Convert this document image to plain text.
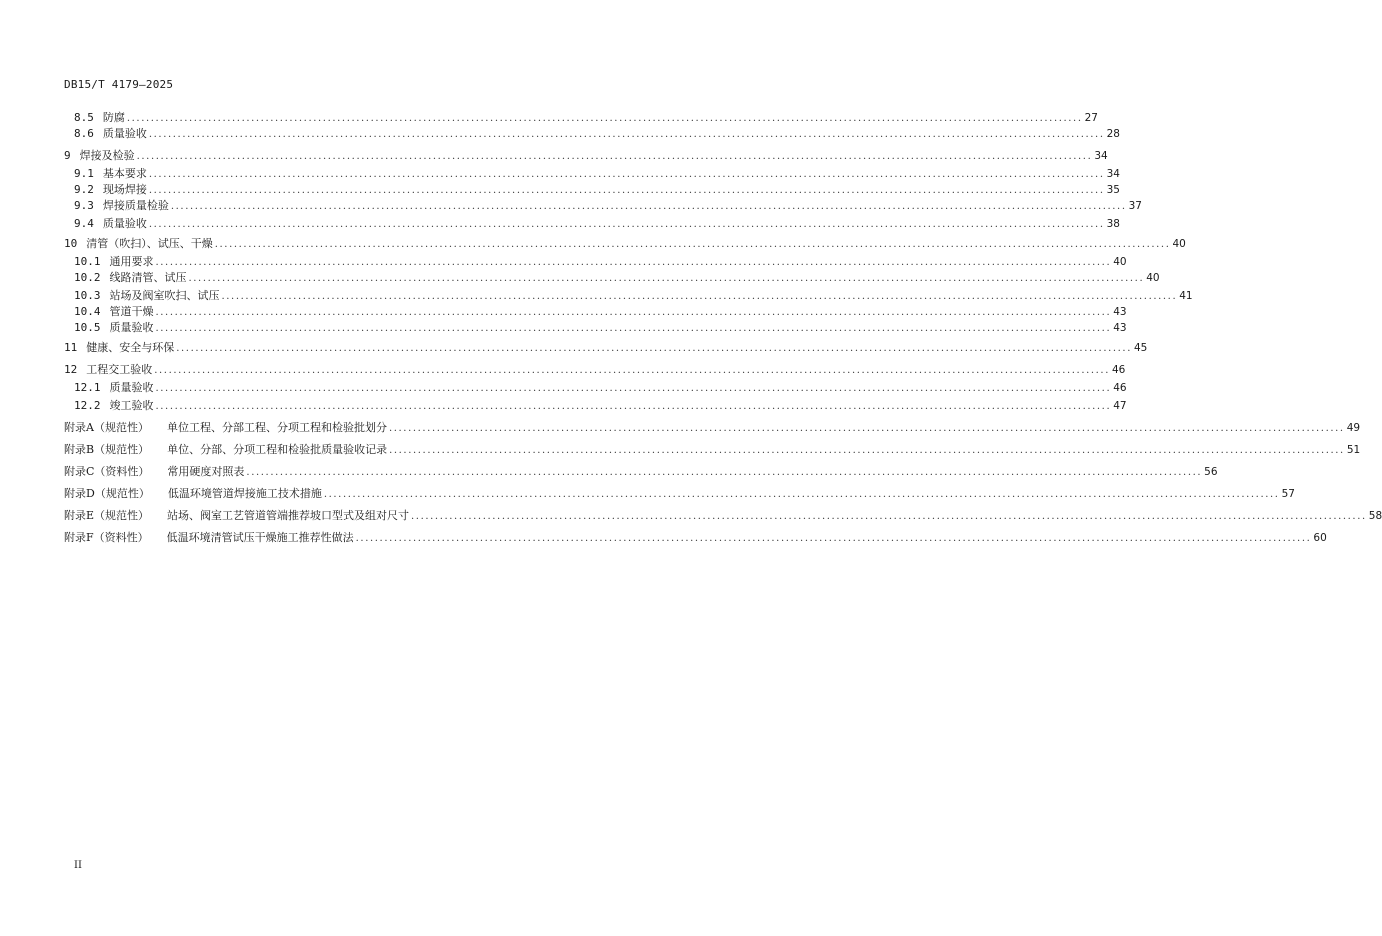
DB15/T 4179—2025
8.5 防腐 ........................................................................................................................................................................................................ 27
8.6 质量验收 ........................................................................................................................................................................................................ 28
9 焊接及检验 ........................................................................................................................................................................................................ 34
9.1 基本要求 ........................................................................................................................................................................................................ 34
9.2 现场焊接 ........................................................................................................................................................................................................ 35
9.3 焊接质量检验 ........................................................................................................................................................................................................ 37
9.4 质量验收 ........................................................................................................................................................................................................ 38
10 清管（吹扫）、试压、干燥 ........................................................................................................................................................................................................ 40
10.1 通用要求 ........................................................................................................................................................................................................ 40
10.2 线路清管、试压 ........................................................................................................................................................................................................ 40
10.3 站场及阀室吹扫、试压 ........................................................................................................................................................................................................ 41
10.4 管道干燥 ........................................................................................................................................................................................................ 43
10.5 质量验收 ........................................................................................................................................................................................................ 43
11 健康、安全与环保 ........................................................................................................................................................................................................ 45
12 工程交工验收 ........................................................................................................................................................................................................ 46
12.1 质量验收 ........................................................................................................................................................................................................ 46
12.2 竣工验收 ........................................................................................................................................................................................................ 47
附录A（规范性） 单位工程、分部工程、分项工程和检验批划分 ........................................................................................................................................................................................................ 49
附录B（规范性） 单位、分部、分项工程和检验批质量验收记录 ........................................................................................................................................................................................................ 51
附录C（资料性） 常用硬度对照表 ........................................................................................................................................................................................................ 56
附录D（规范性） 低温环境管道焊接施工技术措施 ........................................................................................................................................................................................................ 57
附录E（规范性） 站场、阀室工艺管道管端推荐坡口型式及组对尺寸 ........................................................................................................................................................................................................ 58
附录F（资料性） 低温环境清管试压干燥施工推荐性做法 ........................................................................................................................................................................................................ 60
II
